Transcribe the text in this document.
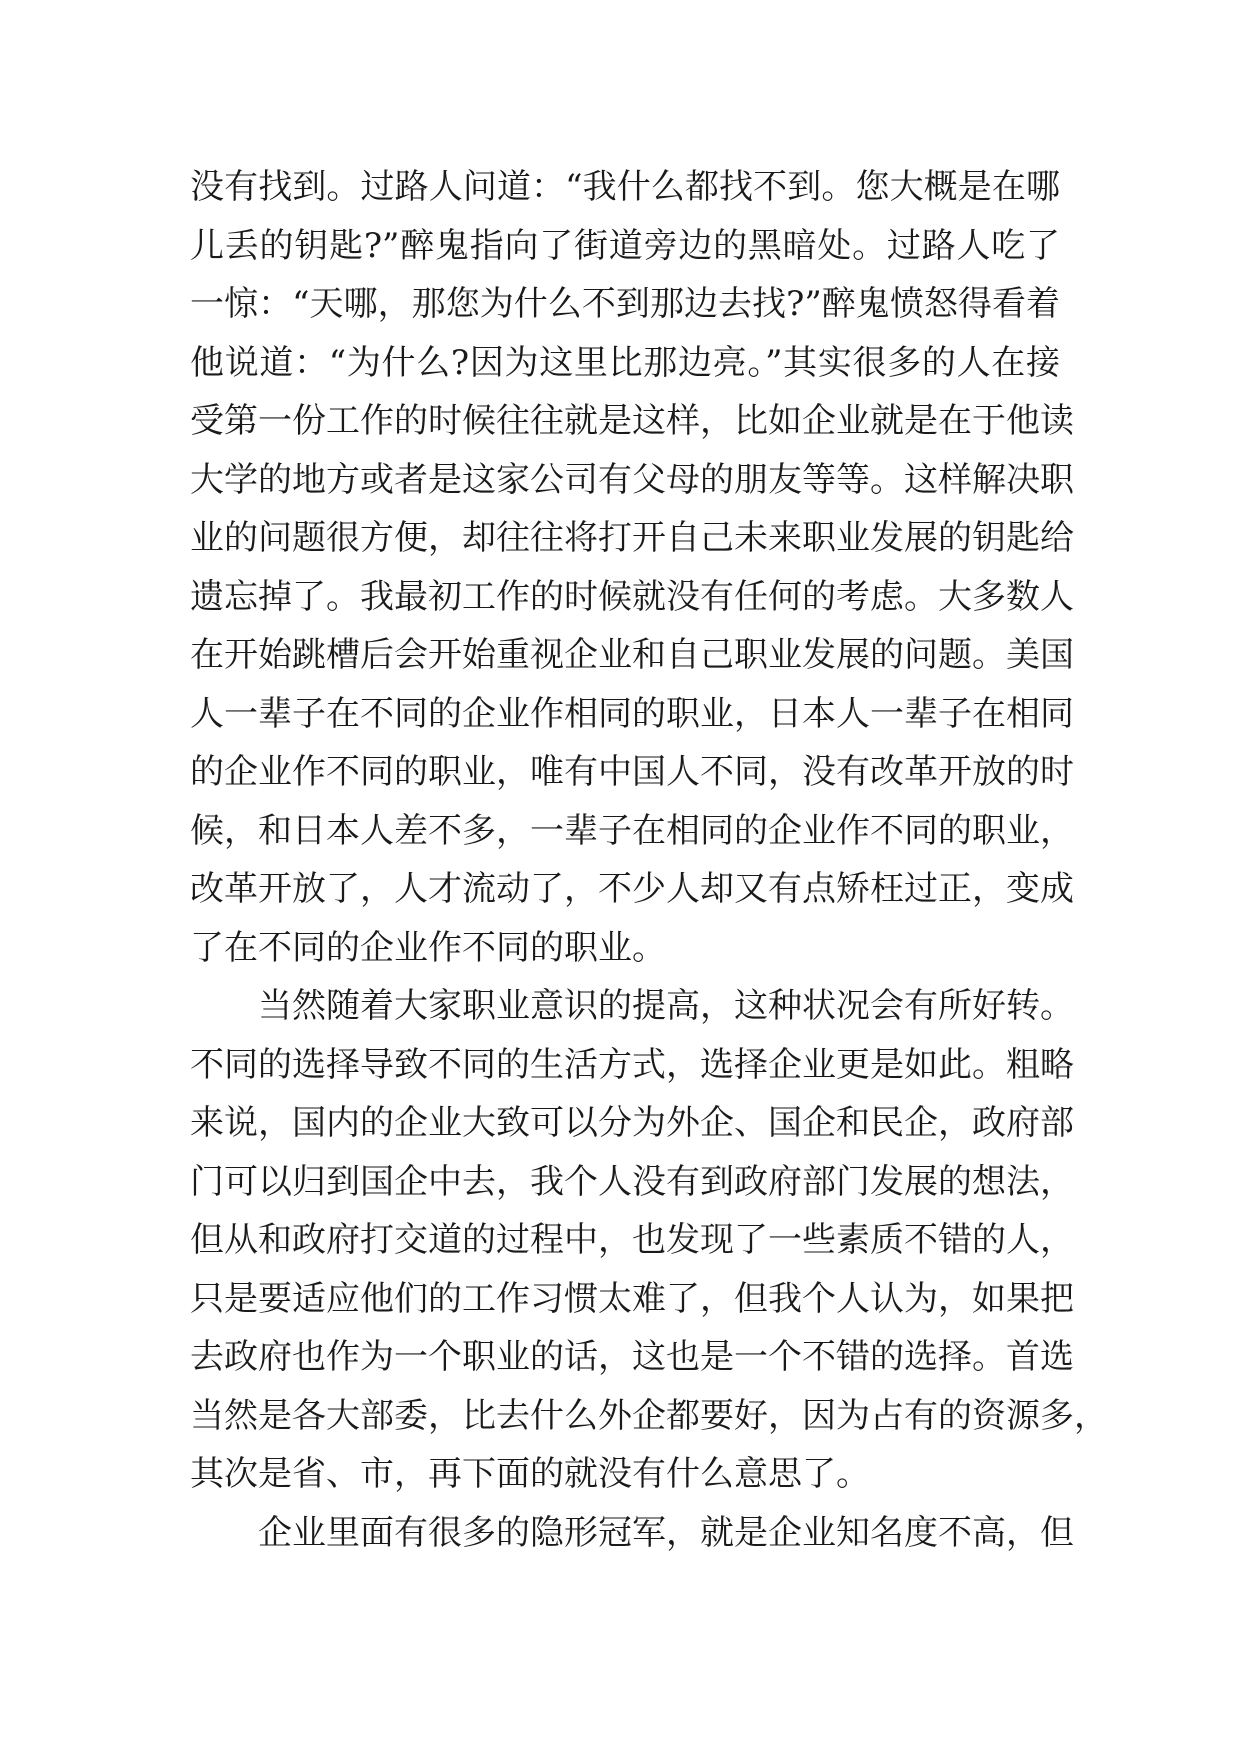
没有找到。过路人问道：“我什么都找不到。您大概是在哪
儿丢的钥匙?”醉鬼指向了街道旁边的黑暗处。过路人吃了
一惊：“天哪，那您为什么不到那边去找?”醉鬼愤怒得看着
他说道：“为什么?因为这里比那边亮。”其实很多的人在接
受第一份工作的时候往往就是这样，比如企业就是在于他读
大学的地方或者是这家公司有父母的朋友等等。这样解决职
业的问题很方便，却往往将打开自己未来职业发展的钥匙给
遗忘掉了。我最初工作的时候就没有任何的考虑。大多数人
在开始跳槽后会开始重视企业和自己职业发展的问题。美国
人一辈子在不同的企业作相同的职业，日本人一辈子在相同
的企业作不同的职业，唯有中国人不同，没有改革开放的时
候，和日本人差不多，一辈子在相同的企业作不同的职业，
改革开放了，人才流动了，不少人却又有点矫枉过正，变成
了在不同的企业作不同的职业。
当然随着大家职业意识的提高，这种状况会有所好转。
不同的选择导致不同的生活方式，选择企业更是如此。粗略
来说，国内的企业大致可以分为外企、国企和民企，政府部
门可以归到国企中去，我个人没有到政府部门发展的想法，
但从和政府打交道的过程中，也发现了一些素质不错的人，
只是要适应他们的工作习惯太难了，但我个人认为，如果把
去政府也作为一个职业的话，这也是一个不错的选择。首选
当然是各大部委，比去什么外企都要好，因为占有的资源多，
其次是省、市，再下面的就没有什么意思了。
企业里面有很多的隐形冠军，就是企业知名度不高，但
